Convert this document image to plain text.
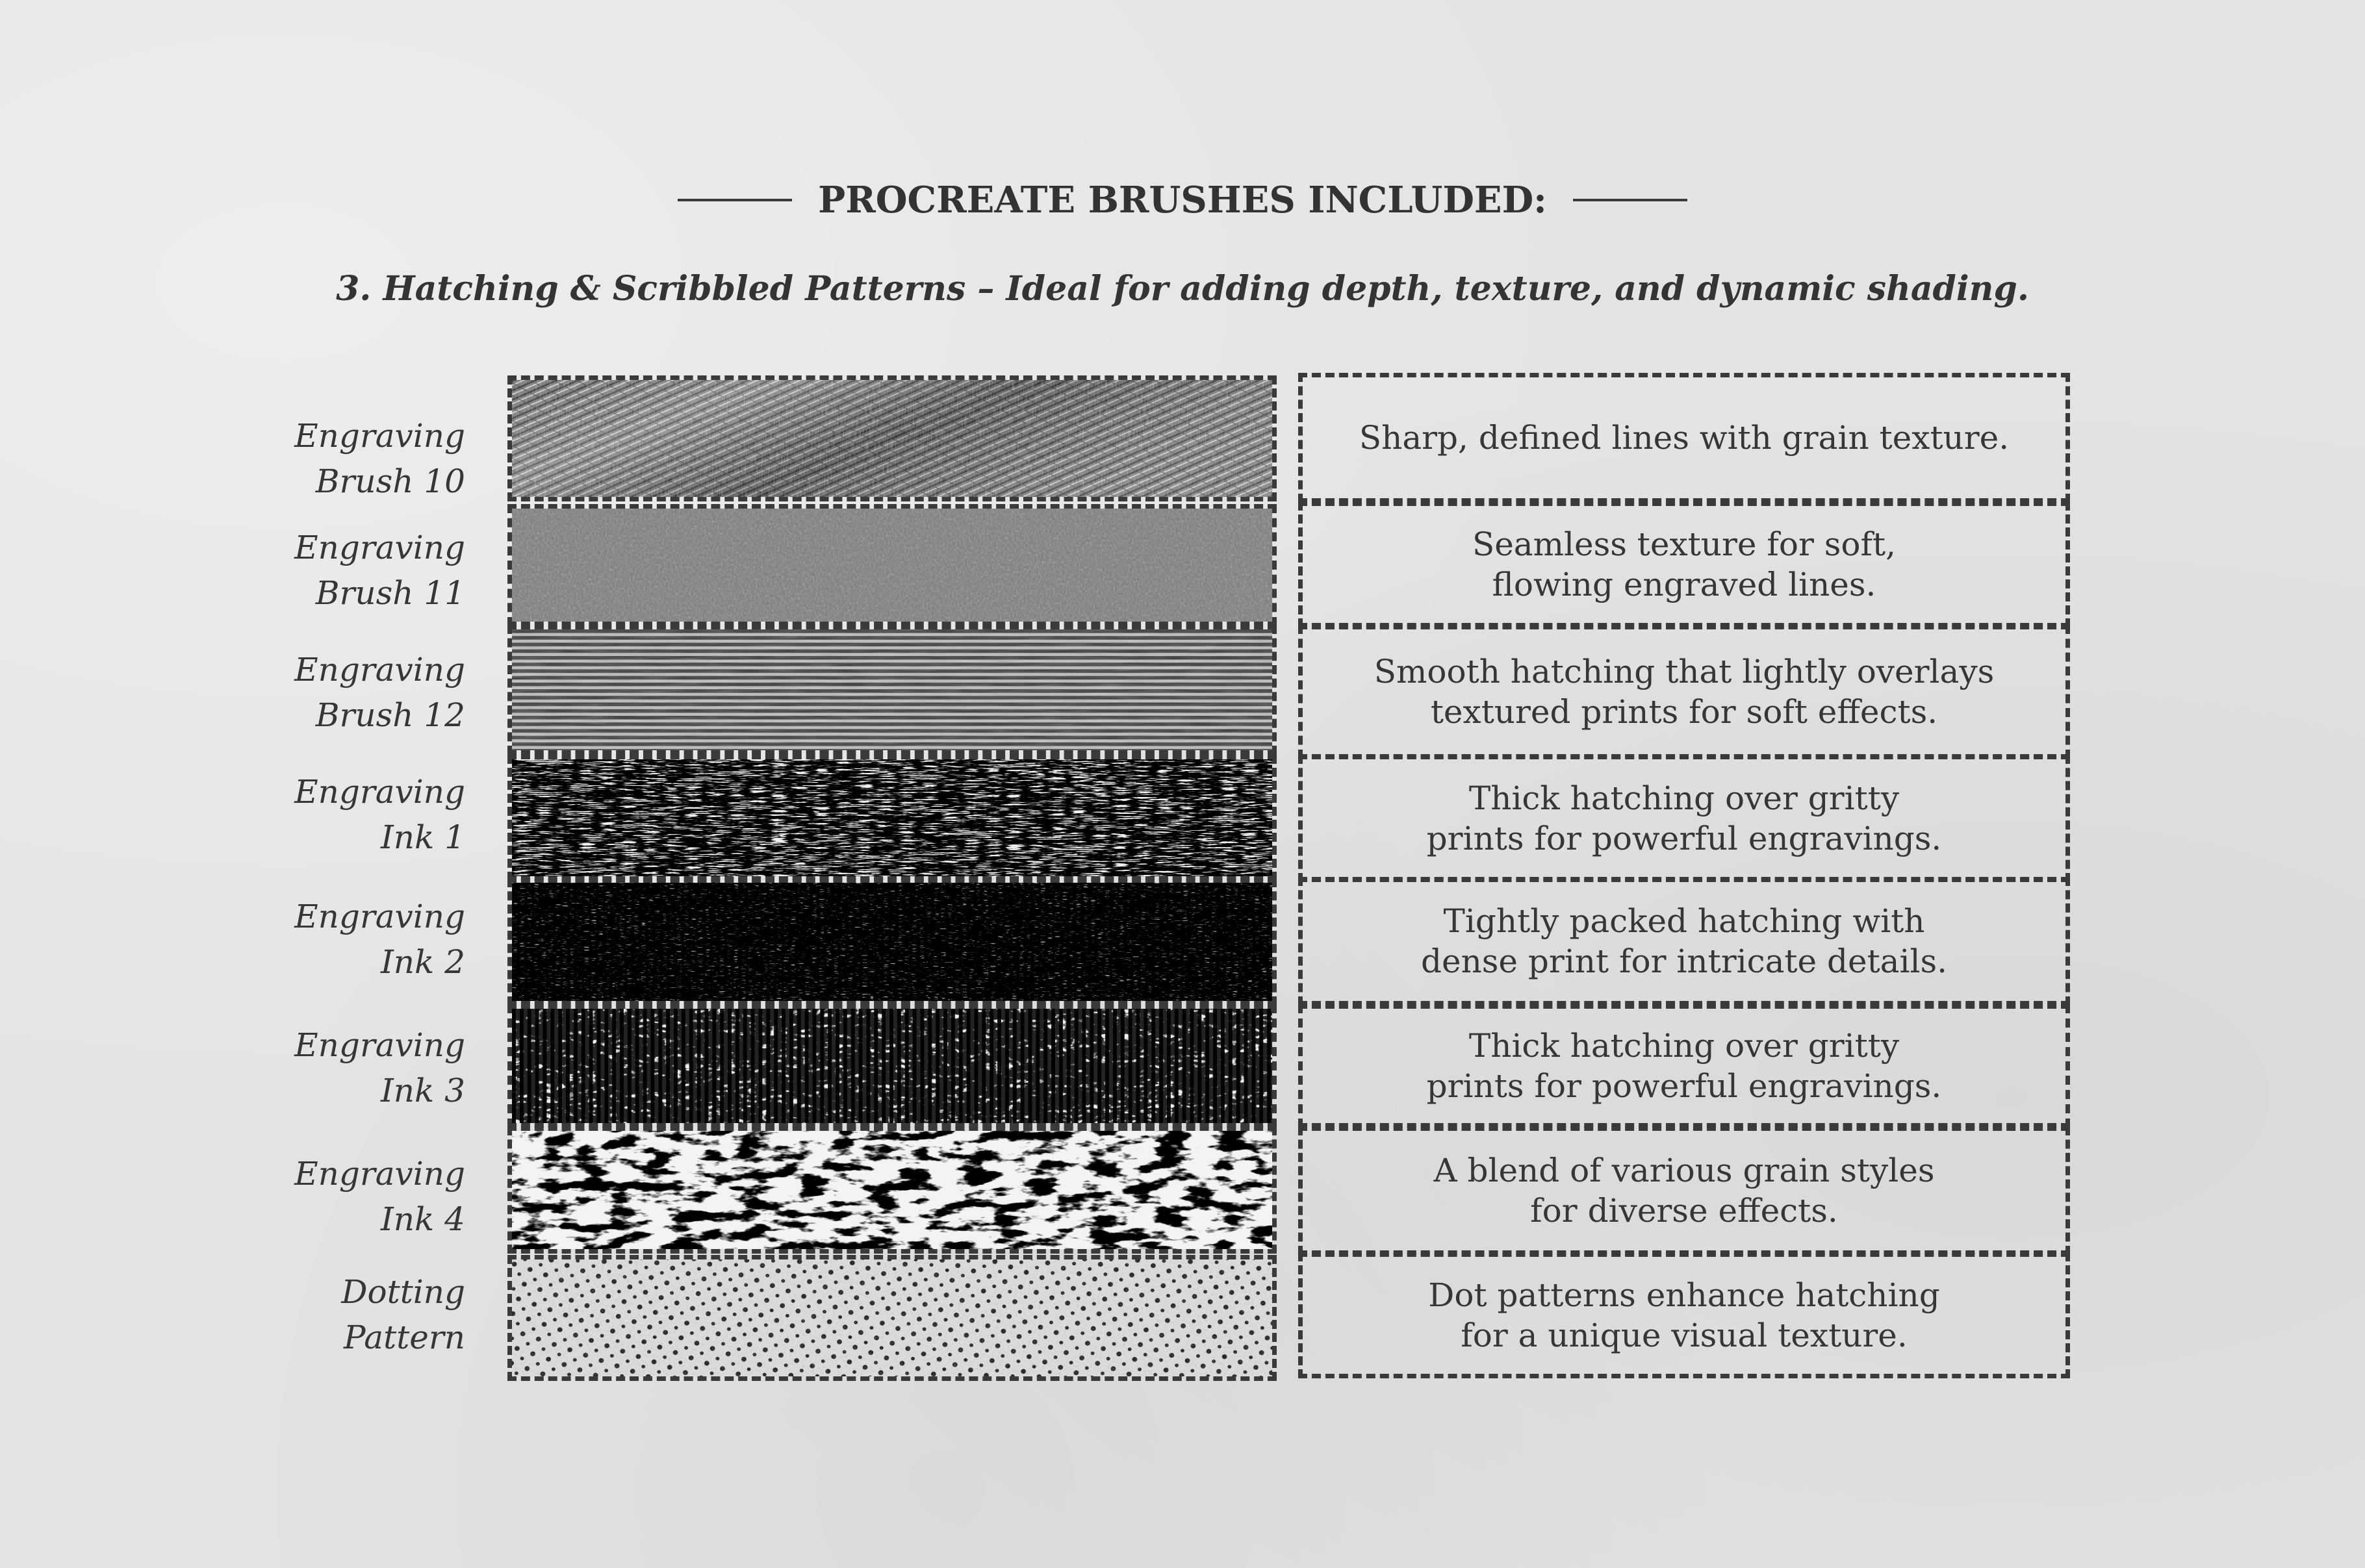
PROCREATE BRUSHES INCLUDED:
3. Hatching & Scribbled Patterns – Ideal for adding depth, texture, and dynamic shading.
Engraving
Brush 10
Sharp, defined lines with grain texture.
Engraving
Brush 11
Seamless texture for soft,
flowing engraved lines.
Engraving
Brush 12
Smooth hatching that lightly overlays
textured prints for soft effects.
Engraving
Ink 1
Thick hatching over gritty
prints for powerful engravings.
Engraving
Ink 2
Tightly packed hatching with
dense print for intricate details.
Engraving
Ink 3
Thick hatching over gritty
prints for powerful engravings.
Engraving
Ink 4
A blend of various grain styles
for diverse effects.
Dotting
Pattern
Dot patterns enhance hatching
for a unique visual texture.
